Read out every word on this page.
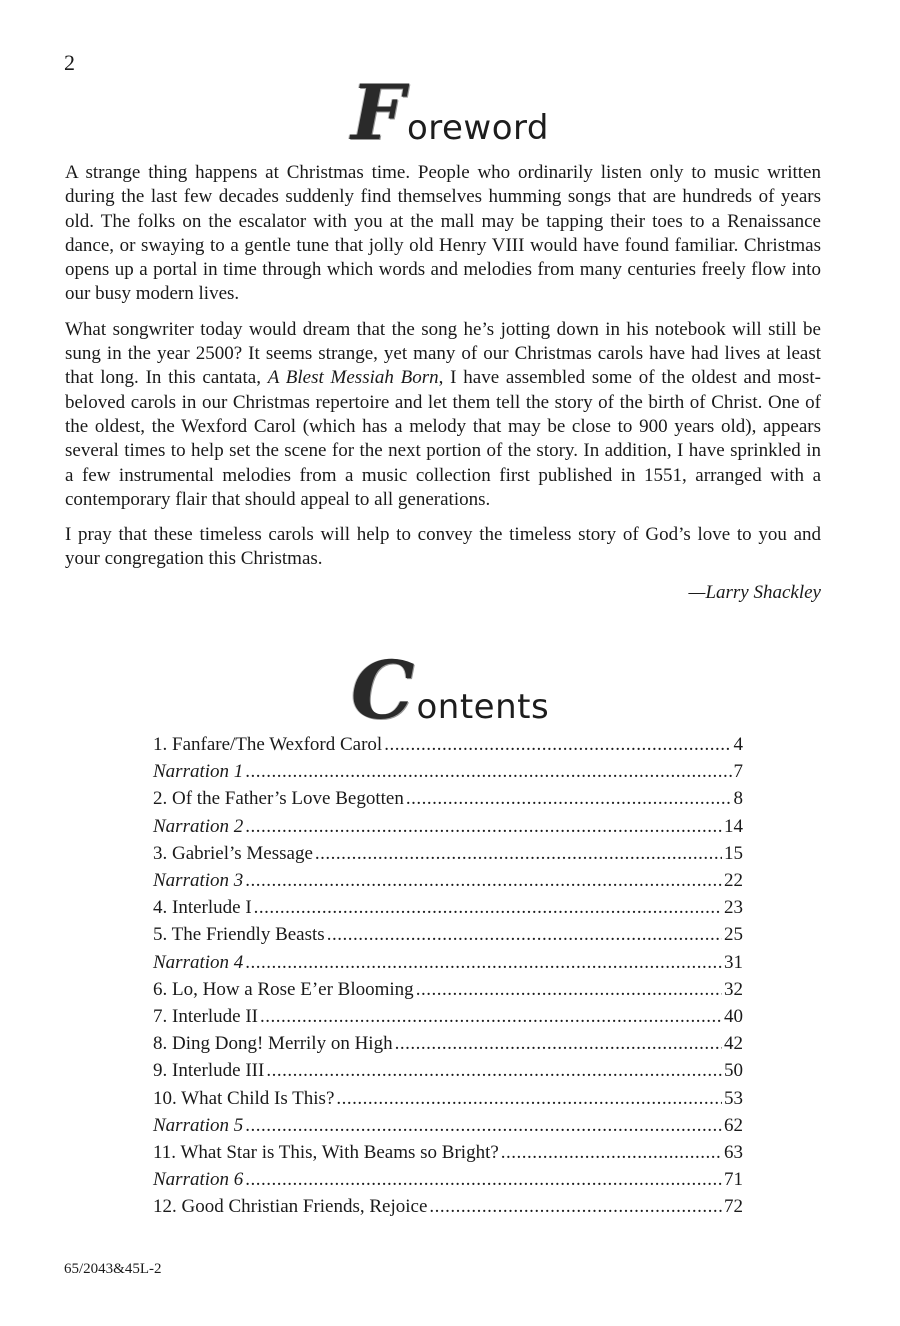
2
F oreword

A strange thing happens at Christmas time. People who ordinarily listen only to music written during the last few decades suddenly find themselves humming songs that are hundreds of years old. The folks on the escalator with you at the mall may be tapping their toes to a Renaissance dance, or swaying to a gentle tune that jolly old Henry VIII would have found familiar. Christmas opens up a portal in time through which words and melodies from many centuries freely flow into our busy modern lives.

What songwriter today would dream that the song he’s jotting down in his notebook will still be sung in the year 2500? It seems strange, yet many of our Christmas carols have had lives at least that long. In this cantata, A Blest Messiah Born, I have assembled some of the oldest and most-beloved carols in our Christmas repertoire and let them tell the story of the birth of Christ. One of the oldest, the Wexford Carol (which has a melody that may be close to 900 years old), appears several times to help set the scene for the next portion of the story. In addition, I have sprinkled in a few instrumental melodies from a music collection first published in 1551, arranged with a contemporary flair that should appeal to all generations.

I pray that these timeless carols will help to convey the timeless story of God’s love to you and your congregation this Christmas.

—Larry Shackley
C ontents
1. Fanfare/The Wexford Carol .....	4
Narration 1 .....	7
2. Of the Father’s Love Begotten .....	8
Narration 2 .....	14
3. Gabriel’s Message .....	15
Narration 3 .....	22
4. Interlude I .....	23
5. The Friendly Beasts .....	25
Narration 4 .....	31
6. Lo, How a Rose E’er Blooming .....	32
7. Interlude II .....	40
8. Ding Dong! Merrily on High .....	42
9. Interlude III .....	50
10. What Child Is This? .....	53
Narration 5 .....	62
11. What Star is This, With Beams so Bright? .....	63
Narration 6 .....	71
12. Good Christian Friends, Rejoice .....	72
65/2043&45L-2
